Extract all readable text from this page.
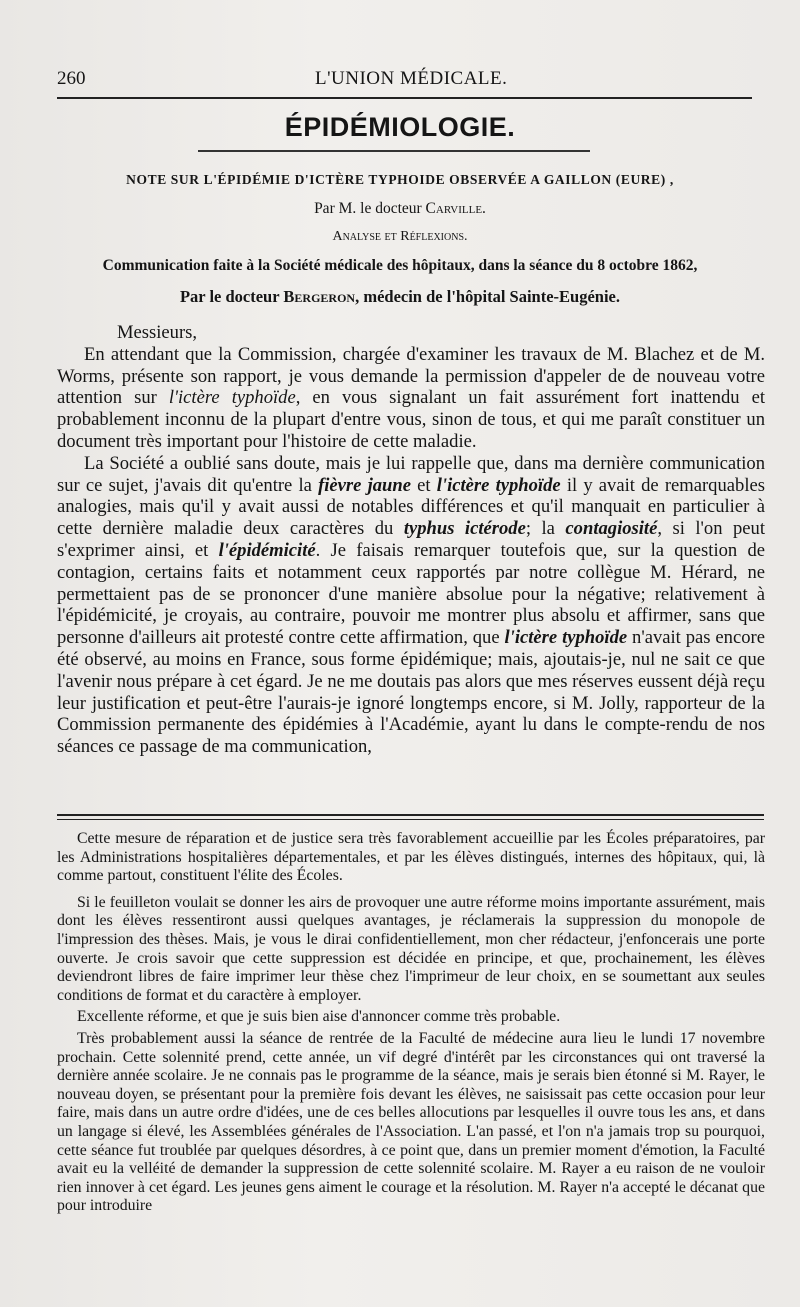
260	L'UNION MÉDICALE.
ÉPIDÉMIOLOGIE.
NOTE SUR L'ÉPIDÉMIE D'ICTÈRE TYPHOIDE OBSERVÉE A GAILLON (EURE) ,
Par M. le docteur Carville.
Analyse et Réflexions.
Communication faite à la Société médicale des hôpitaux, dans la séance du 8 octobre 1862,
Par le docteur Bergeron, médecin de l'hôpital Sainte-Eugénie.

Messieurs,

En attendant que la Commission, chargée d'examiner les travaux de M. Blachez et de M. Worms, présente son rapport, je vous demande la permission d'appeler de de nouveau votre attention sur l'ictère typhoïde, en vous signalant un fait assurément fort inattendu et probablement inconnu de la plupart d'entre vous, sinon de tous, et qui me paraît constituer un document très important pour l'histoire de cette maladie.

La Société a oublié sans doute, mais je lui rappelle que, dans ma dernière communication sur ce sujet, j'avais dit qu'entre la fièvre jaune et l'ictère typhoïde il y avait de remarquables analogies, mais qu'il y avait aussi de notables différences et qu'il manquait en particulier à cette dernière maladie deux caractères du typhus ictérode; la contagiosité, si l'on peut s'exprimer ainsi, et l'épidémicité. Je faisais remarquer toutefois que, sur la question de contagion, certains faits et notamment ceux rapportés par notre collègue M. Hérard, ne permettaient pas de se prononcer d'une manière absolue pour la négative; relativement à l'épidémicité, je croyais, au contraire, pouvoir me montrer plus absolu et affirmer, sans que personne d'ailleurs ait protesté contre cette affirmation, que l'ictère typhoïde n'avait pas encore été observé, au moins en France, sous forme épidémique; mais, ajoutais-je, nul ne sait ce que l'avenir nous prépare à cet égard. Je ne me doutais pas alors que mes réserves eussent déjà reçu leur justification et peut-être l'aurais-je ignoré longtemps encore, si M. Jolly, rapporteur de la Commission permanente des épidémies à l'Académie, ayant lu dans le compte-rendu de nos séances ce passage de ma communication,

Cette mesure de réparation et de justice sera très favorablement accueillie par les Écoles préparatoires, par les Administrations hospitalières départementales, et par les élèves distingués, internes des hôpitaux, qui, là comme partout, constituent l'élite des Écoles.

Si le feuilleton voulait se donner les airs de provoquer une autre réforme moins importante assurément, mais dont les élèves ressentiront aussi quelques avantages, je réclamerais la suppression du monopole de l'impression des thèses. Mais, je vous le dirai confidentiellement, mon cher rédacteur, j'enfoncerais une porte ouverte. Je crois savoir que cette suppression est décidée en principe, et que, prochainement, les élèves deviendront libres de faire imprimer leur thèse chez l'imprimeur de leur choix, en se soumettant aux seules conditions de format et du caractère à employer.

Excellente réforme, et que je suis bien aise d'annoncer comme très probable.

Très probablement aussi la séance de rentrée de la Faculté de médecine aura lieu le lundi 17 novembre prochain. Cette solennité prend, cette année, un vif degré d'intérêt par les circonstances qui ont traversé la dernière année scolaire. Je ne connais pas le programme de la séance, mais je serais bien étonné si M. Rayer, le nouveau doyen, se présentant pour la première fois devant les élèves, ne saisissait pas cette occasion pour leur faire, mais dans un autre ordre d'idées, une de ces belles allocutions par lesquelles il ouvre tous les ans, et dans un langage si élevé, les Assemblées générales de l'Association. L'an passé, et l'on n'a jamais trop su pourquoi, cette séance fut troublée par quelques désordres, à ce point que, dans un premier moment d'émotion, la Faculté avait eu la velléité de demander la suppression de cette solennité scolaire. M. Rayer a eu raison de ne vouloir rien innover à cet égard. Les jeunes gens aiment le courage et la résolution. M. Rayer n'a accepté le décanat que pour introduire
